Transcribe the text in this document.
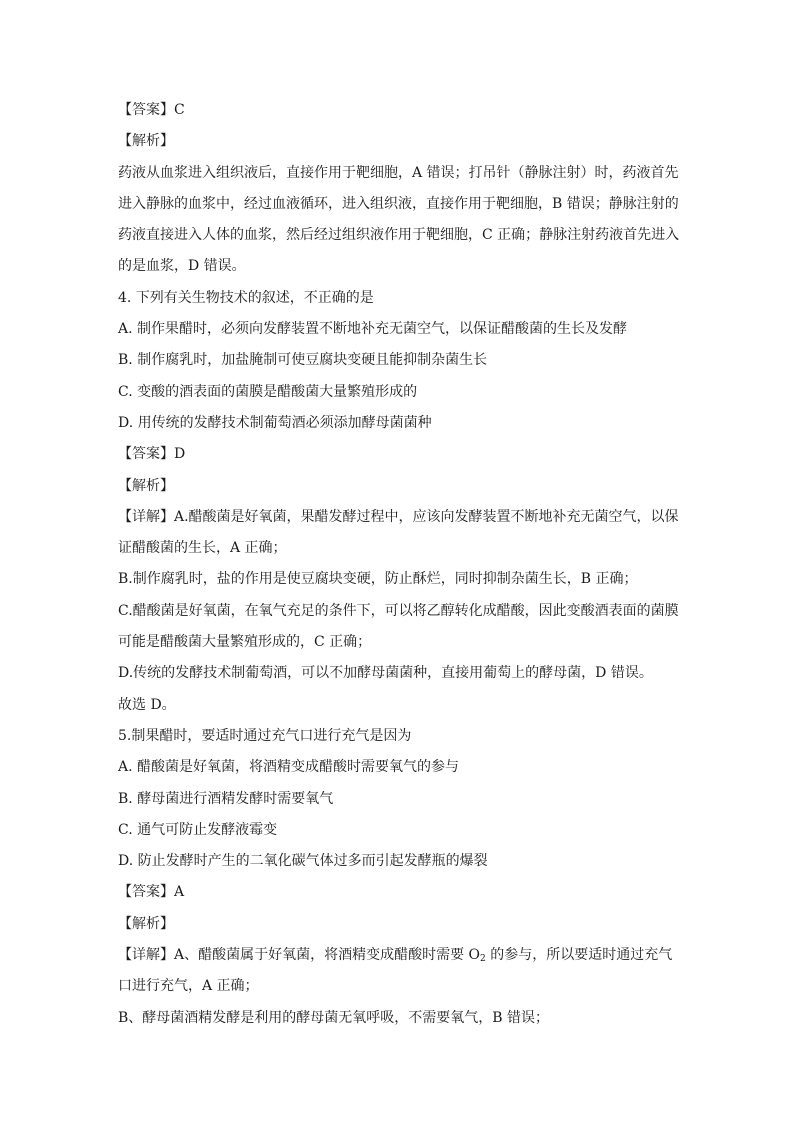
【答案】C
【解析】
药液从血浆进入组织液后，直接作用于靶细胞，A 错误；打吊针（静脉注射）时，药液首先
进入静脉的血浆中，经过血液循环，进入组织液，直接作用于靶细胞，B 错误；静脉注射的
药液直接进入人体的血浆，然后经过组织液作用于靶细胞，C 正确；静脉注射药液首先进入
的是血浆，D 错误。
4. 下列有关生物技术的叙述，不正确的是
A. 制作果醋时，必须向发酵装置不断地补充无菌空气，以保证醋酸菌的生长及发酵
B. 制作腐乳时，加盐腌制可使豆腐块变硬且能抑制杂菌生长
C. 变酸的酒表面的菌膜是醋酸菌大量繁殖形成的
D. 用传统的发酵技术制葡萄酒必须添加酵母菌菌种
【答案】D
【解析】
【详解】A.醋酸菌是好氧菌，果醋发酵过程中，应该向发酵装置不断地补充无菌空气，以保
证醋酸菌的生长，A 正确；
B.制作腐乳时，盐的作用是使豆腐块变硬，防止酥烂，同时抑制杂菌生长，B 正确；
C.醋酸菌是好氧菌，在氧气充足的条件下，可以将乙醇转化成醋酸，因此变酸酒表面的菌膜
可能是醋酸菌大量繁殖形成的，C 正确；
D.传统的发酵技术制葡萄酒，可以不加酵母菌菌种，直接用葡萄上的酵母菌，D 错误。
故选 D。
5.制果醋时，要适时通过充气口进行充气是因为
A. 醋酸菌是好氧菌，将酒精变成醋酸时需要氧气的参与
B. 酵母菌进行酒精发酵时需要氧气
C. 通气可防止发酵液霉变
D. 防止发酵时产生的二氧化碳气体过多而引起发酵瓶的爆裂
【答案】A
【解析】
【详解】A、醋酸菌属于好氧菌，将酒精变成醋酸时需要 $O_2$ 的参与，所以要适时通过充气
口进行充气，A 正确；
B、酵母菌酒精发酵是利用的酵母菌无氧呼吸，不需要氧气，B 错误；
